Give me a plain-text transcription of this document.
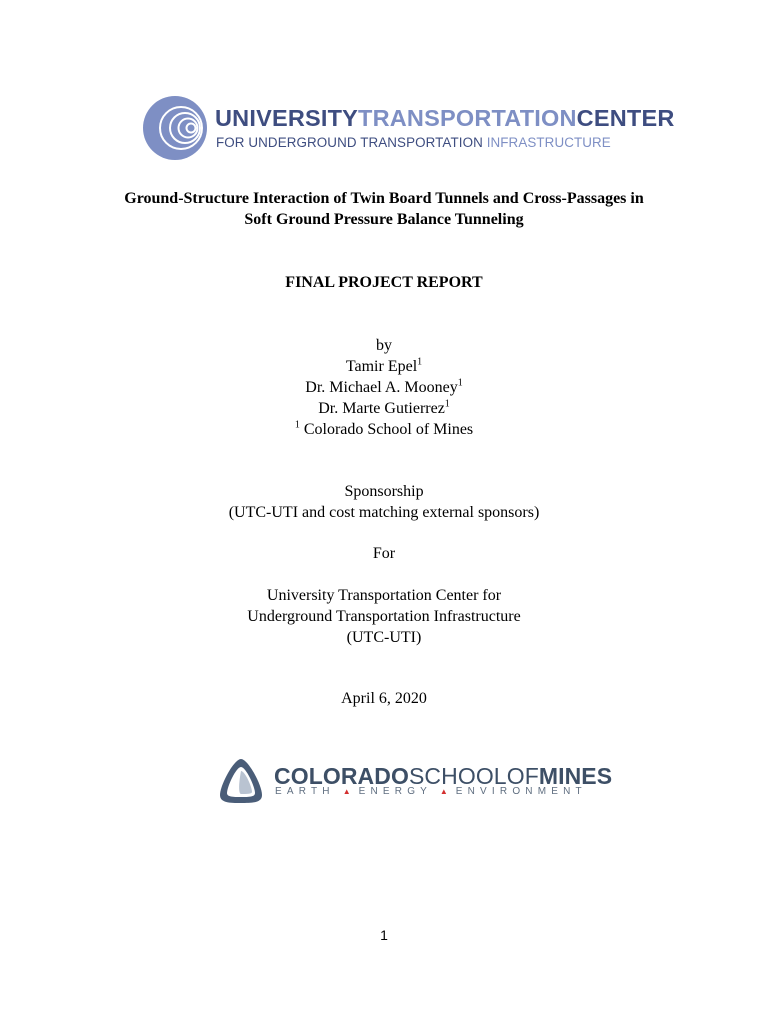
UNIVERSITYTRANSPORTATIONCENTER
FOR UNDERGROUND TRANSPORTATION INFRASTRUCTURE
Ground-Structure Interaction of Twin Board Tunnels and Cross-Passages in
Soft Ground Pressure Balance Tunneling
FINAL PROJECT REPORT
by
Tamir Epel$^1$
Dr. Michael A. Mooney$^1$
Dr. Marte Gutierrez$^1$
$^1$ Colorado School of Mines
Sponsorship
(UTC-UTI and cost matching external sponsors)
For
University Transportation Center for
Underground Transportation Infrastructure
(UTC-UTI)
April 6, 2020
COLORADOSCHOOLOFMINES
EARTH ▲ ENERGY ▲ ENVIRONMENT
1
